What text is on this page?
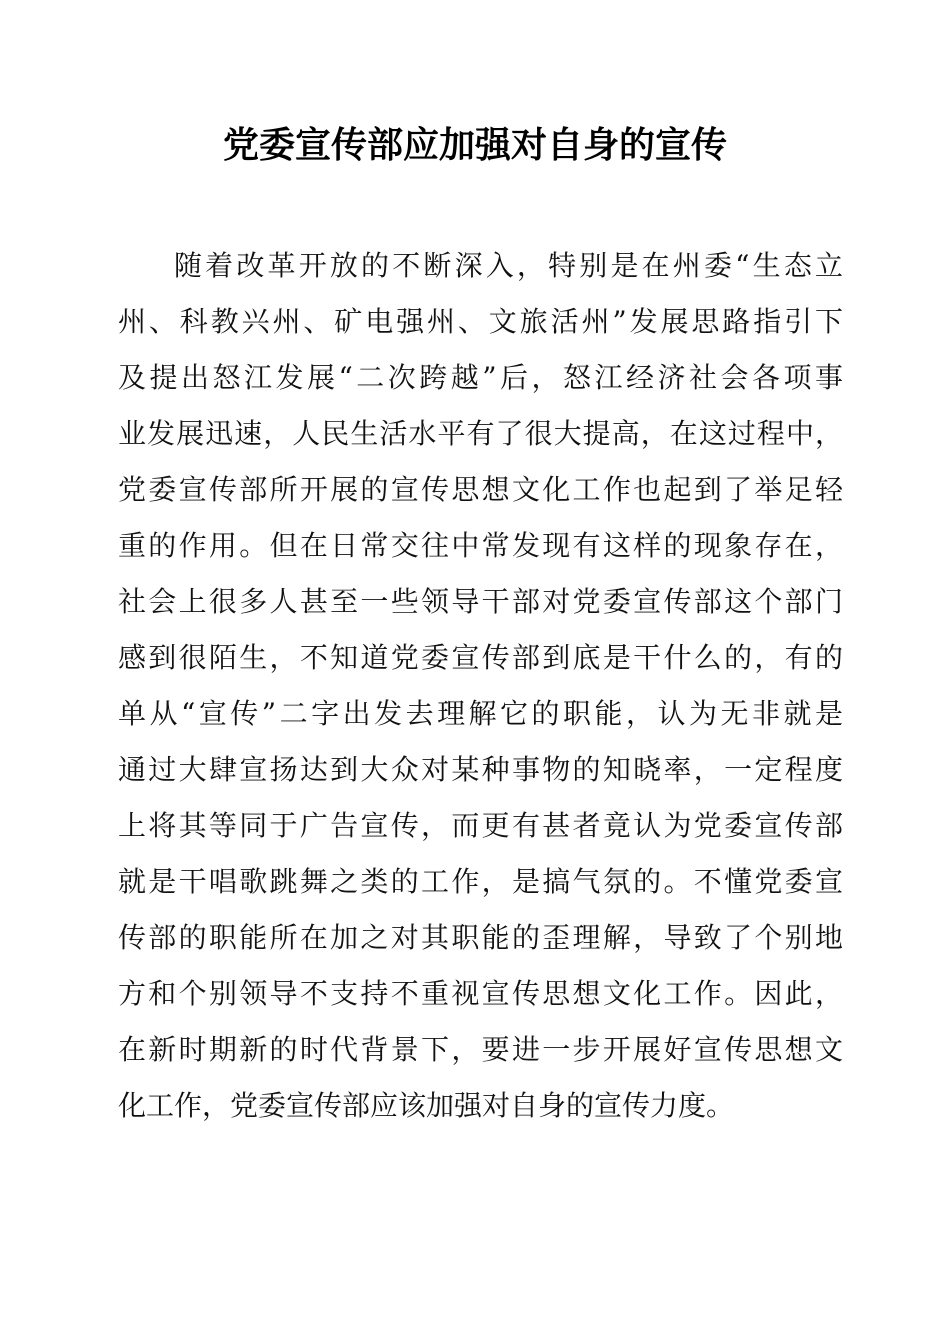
党委宣传部应加强对自身的宣传
随着改革开放的不断深入，特别是在州委“生态立
州、科教兴州、矿电强州、文旅活州”发展思路指引下
及提出怒江发展“二次跨越”后，怒江经济社会各项事
业发展迅速，人民生活水平有了很大提高，在这过程中，
党委宣传部所开展的宣传思想文化工作也起到了举足轻
重的作用。但在日常交往中常发现有这样的现象存在，
社会上很多人甚至一些领导干部对党委宣传部这个部门
感到很陌生，不知道党委宣传部到底是干什么的，有的
单从“宣传”二字出发去理解它的职能，认为无非就是
通过大肆宣扬达到大众对某种事物的知晓率，一定程度
上将其等同于广告宣传，而更有甚者竟认为党委宣传部
就是干唱歌跳舞之类的工作，是搞气氛的。不懂党委宣
传部的职能所在加之对其职能的歪理解，导致了个别地
方和个别领导不支持不重视宣传思想文化工作。因此，
在新时期新的时代背景下，要进一步开展好宣传思想文
化工作，党委宣传部应该加强对自身的宣传力度。
